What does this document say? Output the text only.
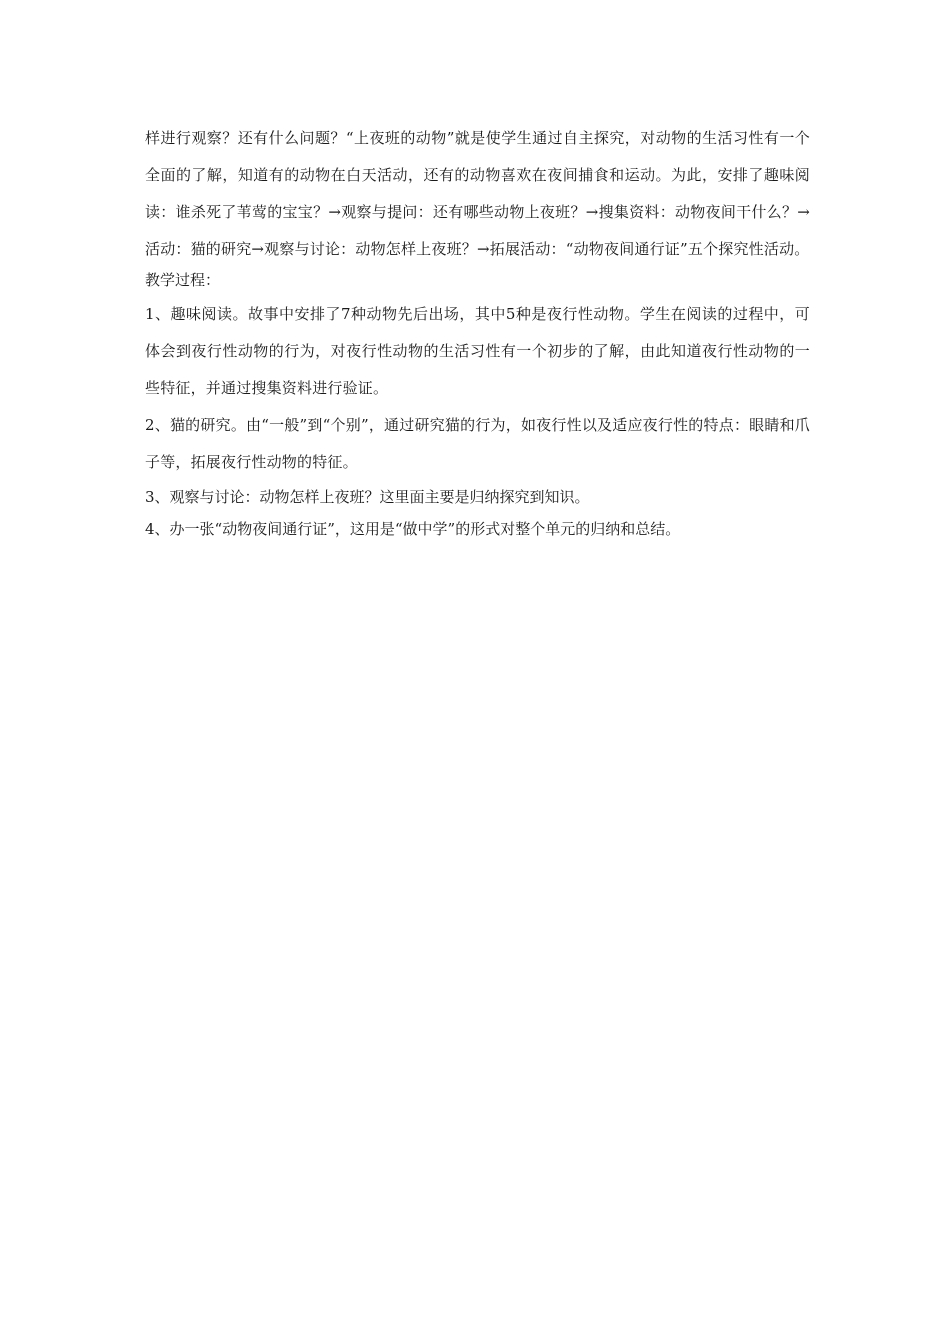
样进行观察？还有什么问题？“上夜班的动物”就是使学生通过自主探究，对动物的生活习性有一个全面的了解，知道有的动物在白天活动，还有的动物喜欢在夜间捕食和运动。为此，安排了趣味阅读：谁杀死了苇莺的宝宝？→观察与提问：还有哪些动物上夜班？→搜集资料：动物夜间干什么？→活动：猫的研究→观察与讨论：动物怎样上夜班？→拓展活动：“动物夜间通行证”五个探究性活动。

教学过程：

1、趣味阅读。故事中安排了7种动物先后出场，其中5种是夜行性动物。学生在阅读的过程中，可体会到夜行性动物的行为，对夜行性动物的生活习性有一个初步的了解，由此知道夜行性动物的一些特征，并通过搜集资料进行验证。

2、猫的研究。由“一般”到“个别”，通过研究猫的行为，如夜行性以及适应夜行性的特点：眼睛和爪子等，拓展夜行性动物的特征。

3、观察与讨论：动物怎样上夜班？这里面主要是归纳探究到知识。

4、办一张“动物夜间通行证”，这用是“做中学”的形式对整个单元的归纳和总结。
